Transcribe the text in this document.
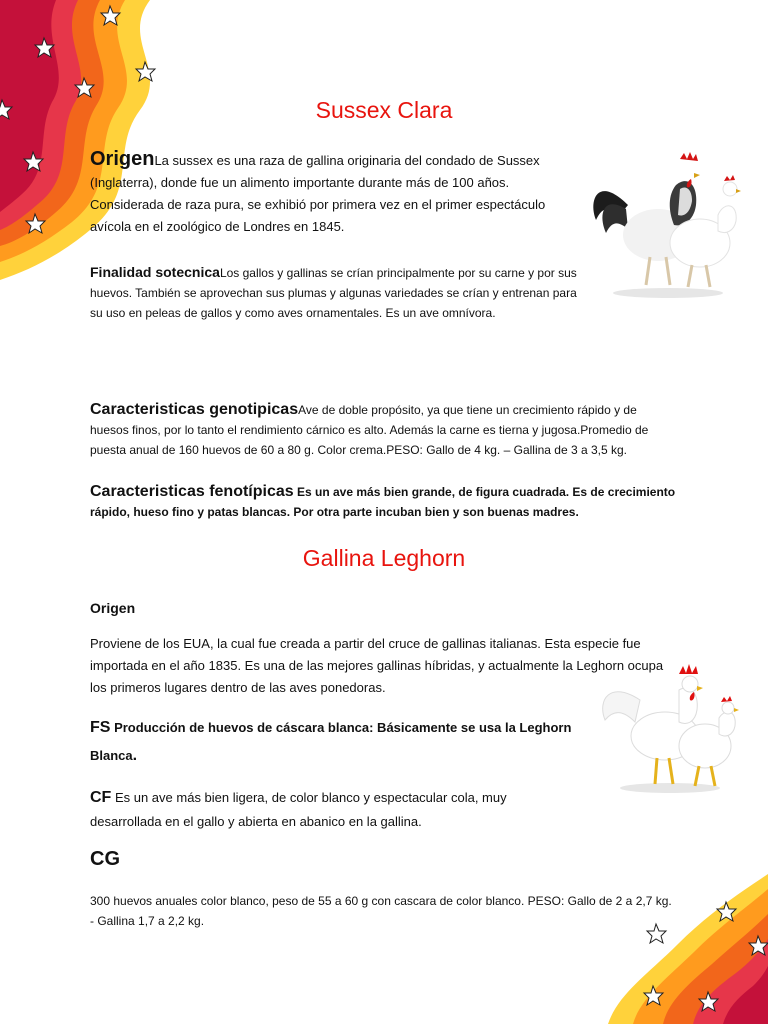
Sussex Clara
OrigenLa sussex es una raza de gallina originaria del condado de Sussex (Inglaterra), donde fue un alimento importante durante más de 100 años. Considerada de raza pura, se exhibió por primera vez en el primer espectáculo avícola en el zoológico de Londres en 1845.
Finalidad sotecnicaLos gallos y gallinas se crían principalmente por su carne y por sus huevos. También se aprovechan sus plumas y algunas variedades se crían y entrenan para su uso en peleas de gallos y como aves ornamentales. Es un ave omnívora.
Caracteristicas genotipicasAve de doble propósito, ya que tiene un crecimiento rápido y de huesos finos, por lo tanto el rendimiento cárnico es alto. Además la carne es tierna y jugosa.Promedio de puesta anual de 160 huevos de 60 a 80 g. Color crema.PESO: Gallo de 4 kg. – Gallina de 3 a 3,5 kg.
Caracteristicas fenotípicas Es un ave más bien grande, de figura cuadrada. Es de crecimiento rápido, hueso fino y patas blancas. Por otra parte incuban bien y son buenas madres.
Gallina Leghorn
Origen
Proviene de los EUA, la cual fue creada a partir del cruce de gallinas italianas. Esta especie fue importada en el año 1835. Es una de las mejores gallinas híbridas, y actualmente la Leghorn ocupa los primeros lugares dentro de las aves ponedoras.
FS Producción de huevos de cáscara blanca: Básicamente se usa la Leghorn Blanca.
CF Es un ave más bien ligera, de color blanco y espectacular cola, muy desarrollada en el gallo y abierta en abanico en la gallina.
CG
300 huevos anuales color blanco, peso de 55 a 60 g con cascara de color blanco. PESO: Gallo de 2 a 2,7 kg. - Gallina 1,7 a 2,2 kg.
